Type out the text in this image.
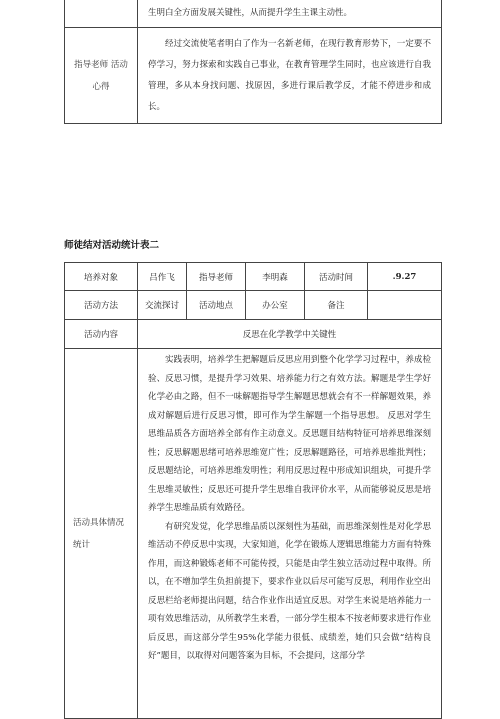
	生明白全方面发展关键性，从而提升学生主课主动性。
指导老师 活动心得	经过交流使笔者明白了作为一名新老师，在现行教育形势下，一定要不停学习，努力探索和实践自己事业，在教育管理学生同时，也应该进行自我管理，多从本身找问题、找原因，多进行课后教学反，才能不停进步和成长。
师徒结对活动统计表二
培养对象	吕作飞	指导老师	李明森	活动时间	.9.27
活动方法	交流探讨	活动地点	办公室	备注	
活动内容	反思在化学教学中关键性				
活动具体情况统计	实践表明，培养学生把解题后反思应用到整个化学学习过程中，养成检验、反思习惯，是提升学习效果、培养能力行之有效方法。解题是学生学好化学必由之路，但不一味解题指导学生解题思想就会有不一样解题效果，养成对解题后进行反思习惯，即可作为学生解题一个指导思想。 反思对学生思维品质各方面培养全部有作主动意义。反思题目结构特征可培养思维深刻性；反思解题思绪可培养思维宽广性；反思解题路径，可培养思维批判性；反思题结论，可培养思维发明性；利用反思过程中形成知识组块，可提升学生思维灵敏性；反思还可提升学生思维自我评价水平，从而能够说反思是培养学生思维品质有效路径。
有研究发觉，化学思维品质以深刻性为基础，而思维深刻性是对化学思维活动不停反思中实现，大家知道，化学在锻炼人逻辑思维能力方面有特殊作用，而这种锻炼老师不可能传授，只能是由学生独立活动过程中取得。所以，在不增加学生负担前提下，要求作业以后尽可能写反思，利用作业空出反思栏给老师提出问题，结合作业作出适宜反思。对学生来说是培养能力一项有效思维活动，从所教学生来看，一部分学生根本不按老师要求进行作业后反思，而这部分学生95%化学能力很低、成绩差，她们只会做“结构良好”题目，以取得对问题答案为目标，不会提问，这部分学				
